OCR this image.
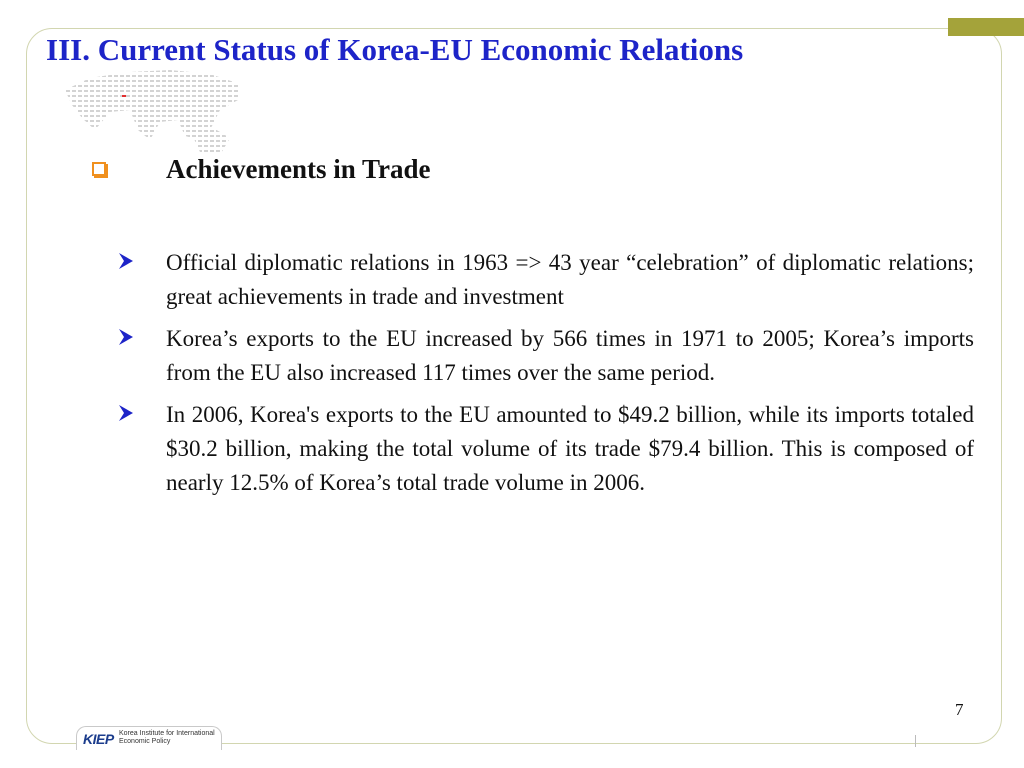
III. Current Status of Korea-EU Economic Relations
Achievements in Trade
Official diplomatic relations in 1963 => 43 year “celebration” of diplomatic relations; great achievements in trade and investment
Korea’s exports to the EU increased by 566 times in 1971 to 2005; Korea’s imports from the EU also increased 117 times over the same period.
In 2006, Korea's exports to the EU amounted to $49.2 billion, while its imports totaled $30.2 billion, making the total volume of its trade $79.4 billion. This is composed of nearly 12.5% of Korea’s total trade volume in 2006.
7
KIEP Korea Institute for International
Economic Policy
